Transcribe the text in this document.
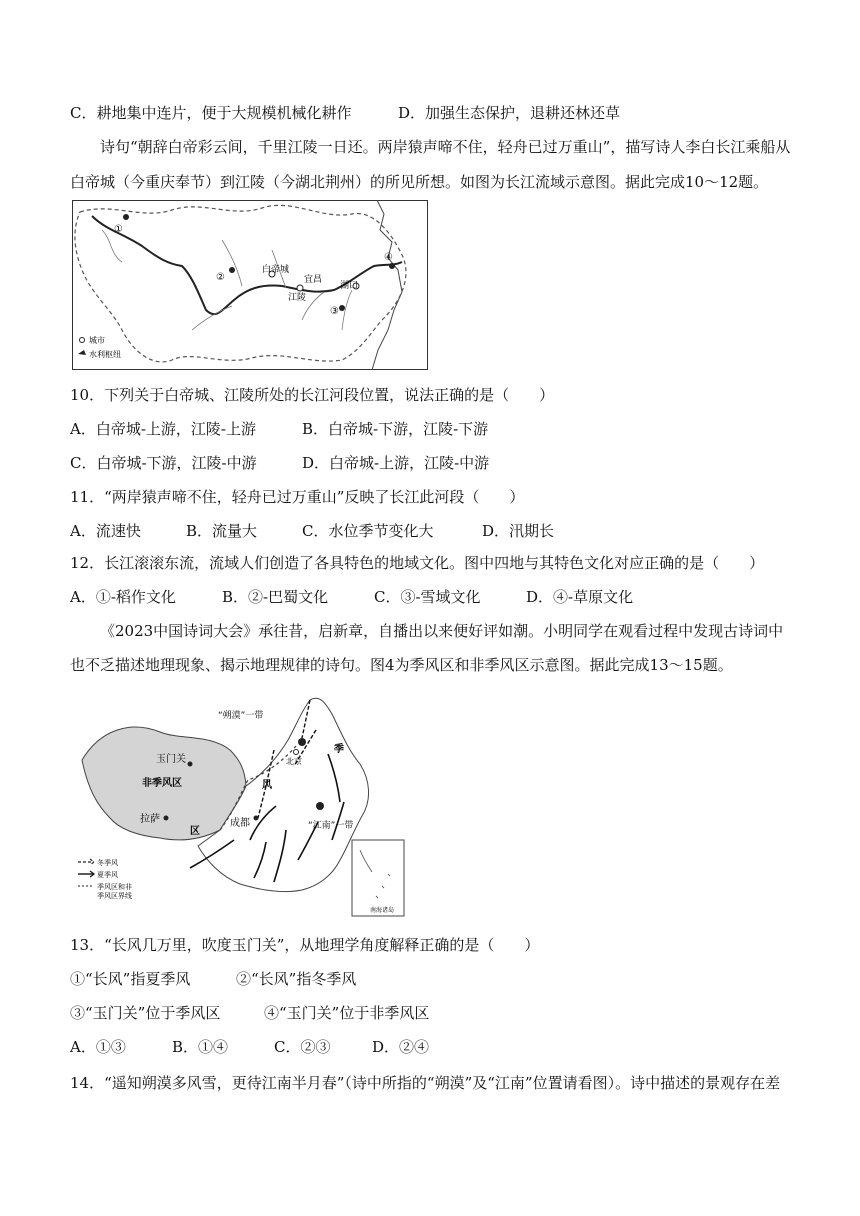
C．耕地集中连片，便于大规模机械化耕作	D．加强生态保护，退耕还林还草
诗句“朝辞白帝彩云间，千里江陵一日还。两岸猿声啼不住，轻舟已过万重山”，描写诗人李白长江乘船从
白帝城（今重庆奉节）到江陵（今湖北荆州）的所见所想。如图为长江流域示意图。据此完成10～12题。
白帝城
宜昌
江陵
湖口
①
②
③
④
城市
水利枢纽
10．下列关于白帝城、江陵所处的长江河段位置，说法正确的是（　　）
A．白帝城-上游，江陵-上游	B．白帝城-下游，江陵-下游
C．白帝城-下游，江陵-中游	D．白帝城-上游，江陵-中游
11．“两岸猿声啼不住，轻舟已过万重山”反映了长江此河段（　　）
A．流速快	B．流量大	C．水位季节变化大	D．汛期长
12．长江滚滚东流，流域人们创造了各具特色的地域文化。图中四地与其特色文化对应正确的是（　　）
A．①-稻作文化	B．②-巴蜀文化	C．③-雪域文化	D．④-草原文化
《2023中国诗词大会》承往昔，启新章，自播出以来便好评如潮。小明同学在观看过程中发现古诗词中
也不乏描述地理现象、揭示地理规律的诗句。图4为季风区和非季风区示意图。据此完成13～15题。
“朔漠”一带
玉门关
非季风区
拉萨	成都
北京
“江南”一带
季
风
区
冬季风
夏季风
季风区和非
季风区界线
南海诸岛
13．“长风几万里，吹度玉门关”，从地理学角度解释正确的是（　　）
①“长风”指夏季风	②“长风”指冬季风
③“玉门关”位于季风区	④“玉门关”位于非季风区
A．①③	B．①④	C．②③	D．②④
14．“遥知朔漠多风雪，更待江南半月春”（诗中所指的“朔漠”及“江南”位置请看图）。诗中描述的景观存在差
